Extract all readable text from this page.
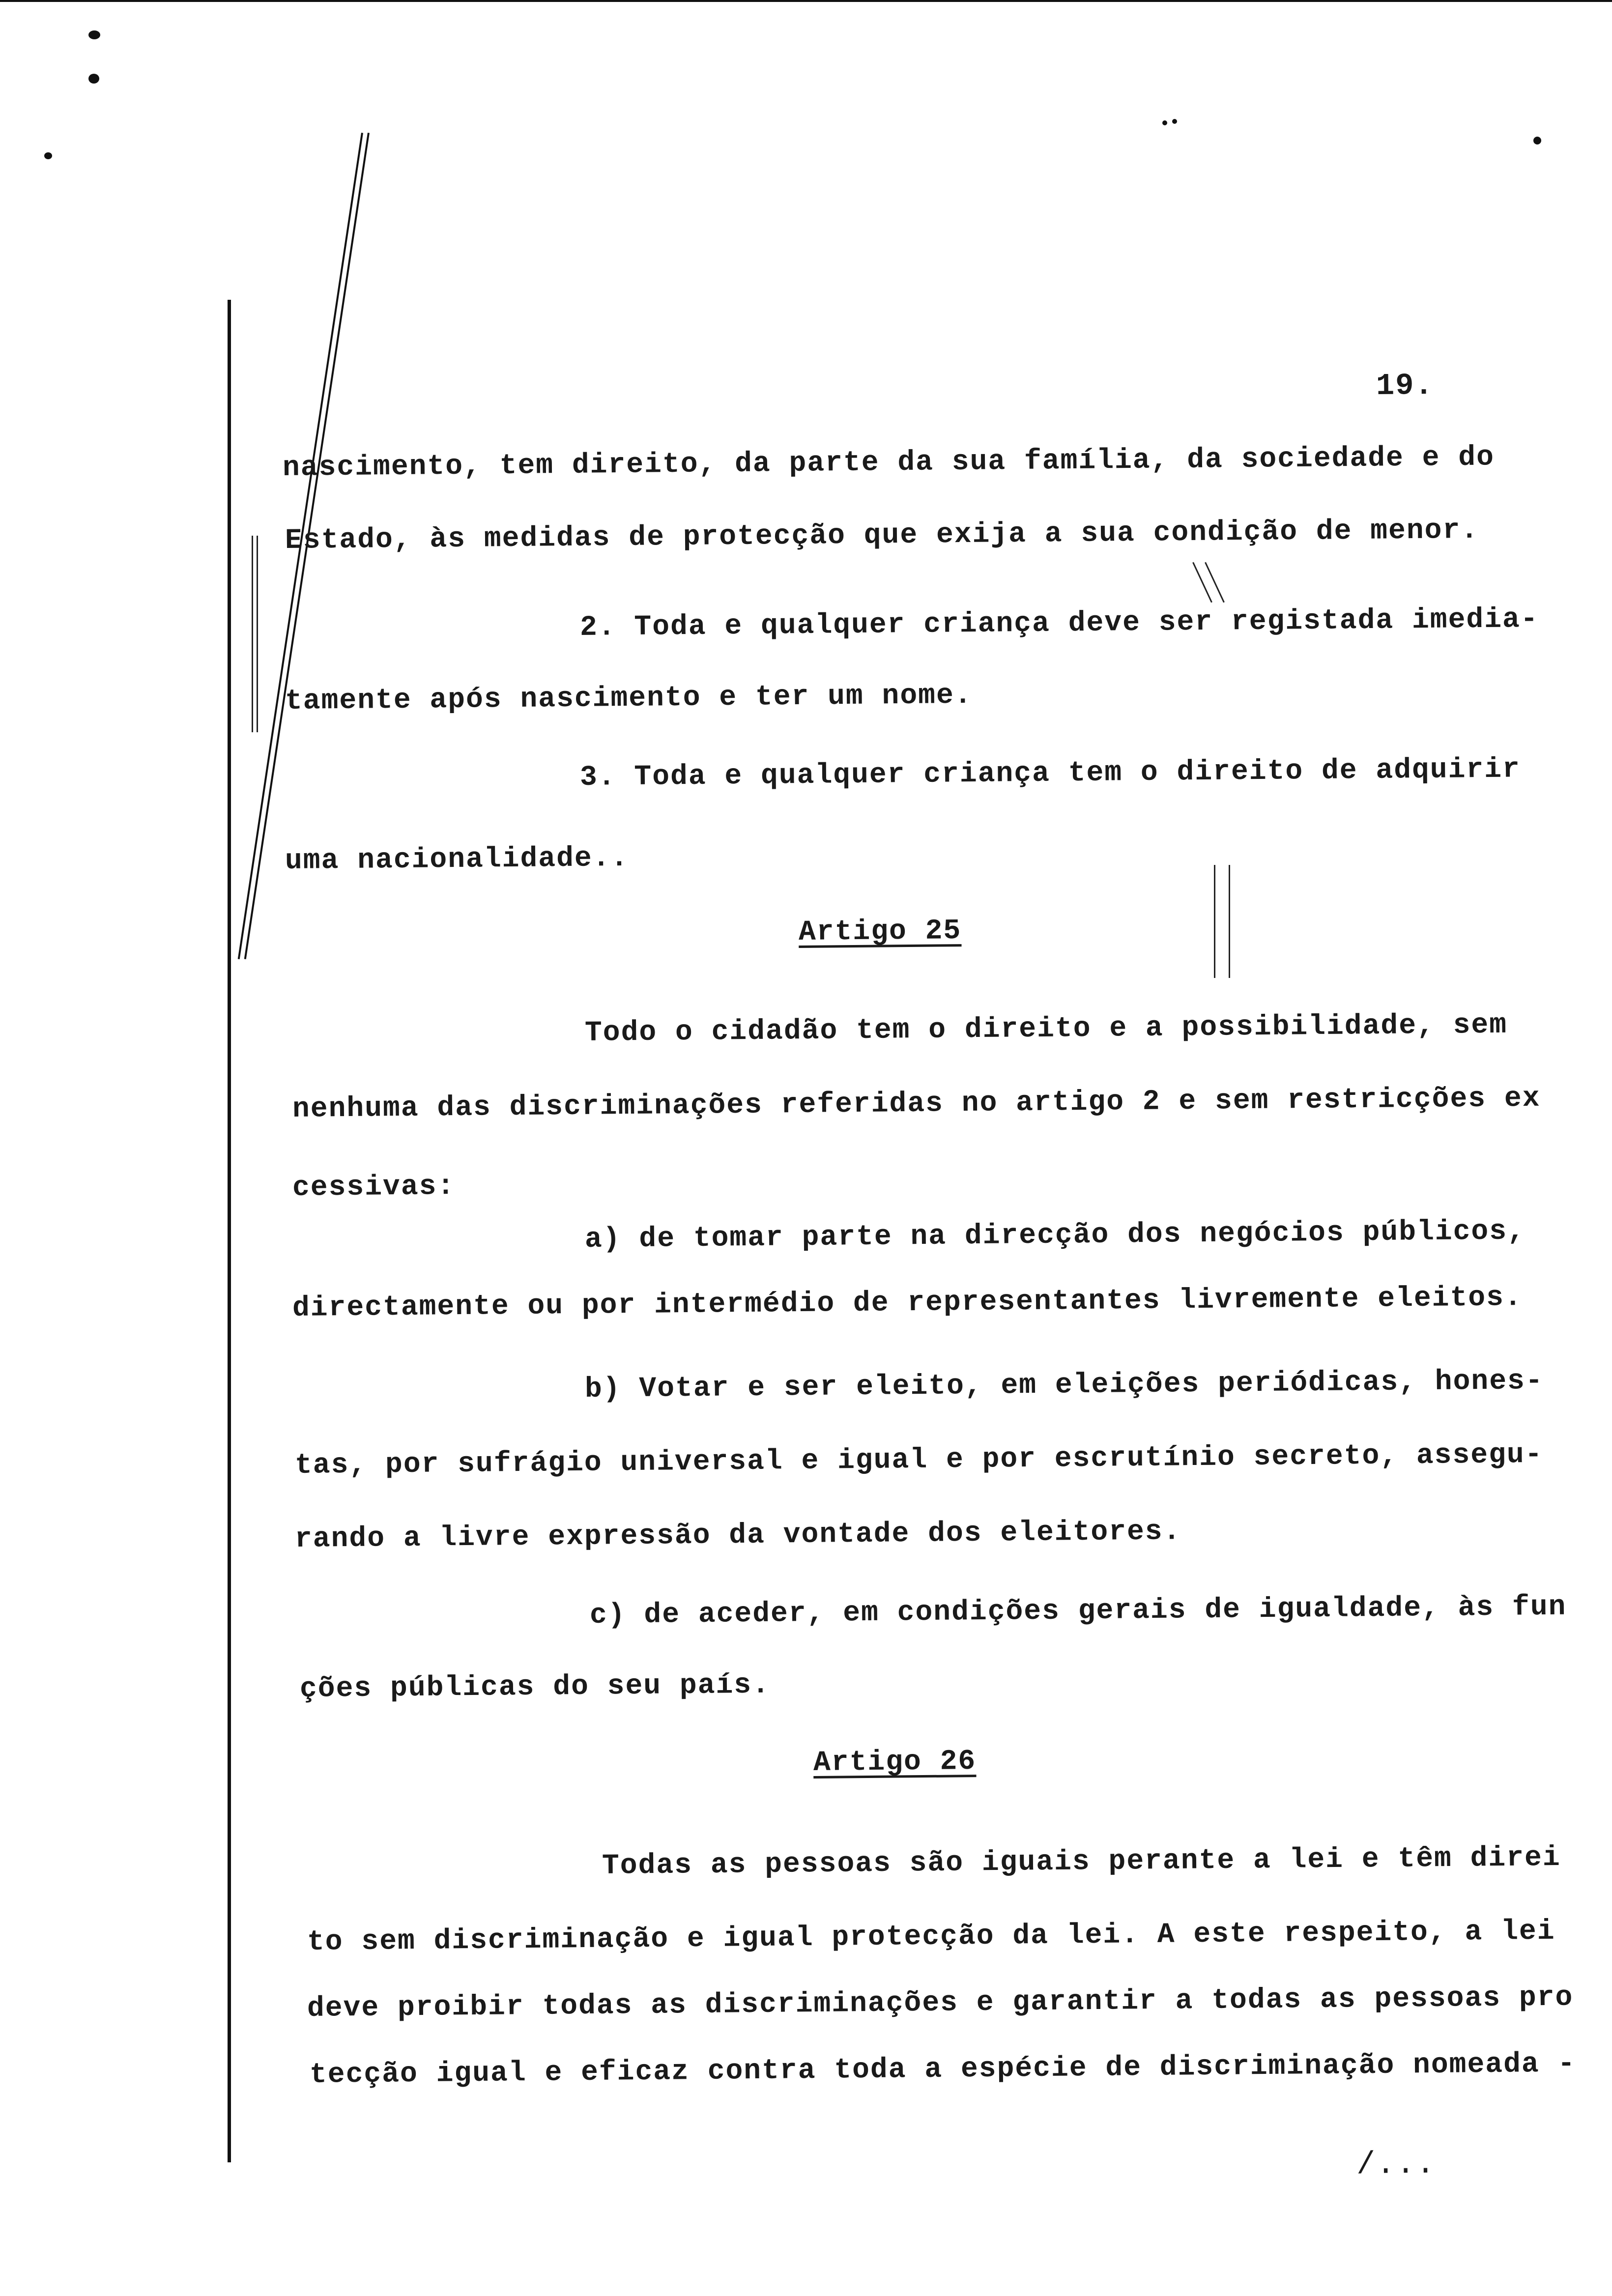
19.
nascimento, tem direito, da parte da sua família, da sociedade e do
Estado, às medidas de protecção que exija a sua condição de menor.
2. Toda e qualquer criança deve ser registada imedia-
tamente após nascimento e ter um nome.
3. Toda e qualquer criança tem o direito de adquirir
uma nacionalidade..
Artigo 25
Todo o cidadão tem o direito e a possibilidade, sem
nenhuma das discriminações referidas no artigo 2 e sem restricções ex
cessivas:
a) de tomar parte na direcção dos negócios públicos,
directamente ou por intermédio de representantes livremente eleitos.
b) Votar e ser eleito, em eleições periódicas, hones-
tas, por sufrágio universal e igual e por escrutínio secreto, assegu-
rando a livre expressão da vontade dos eleitores.
c) de aceder, em condições gerais de igualdade, às fun
ções públicas do seu país.
Artigo 26
Todas as pessoas são iguais perante a lei e têm direi
to sem discriminação e igual protecção da lei. A este respeito, a lei
deve proibir todas as discriminações e garantir a todas as pessoas pro
tecção igual e eficaz contra toda a espécie de discriminação nomeada -
/...
